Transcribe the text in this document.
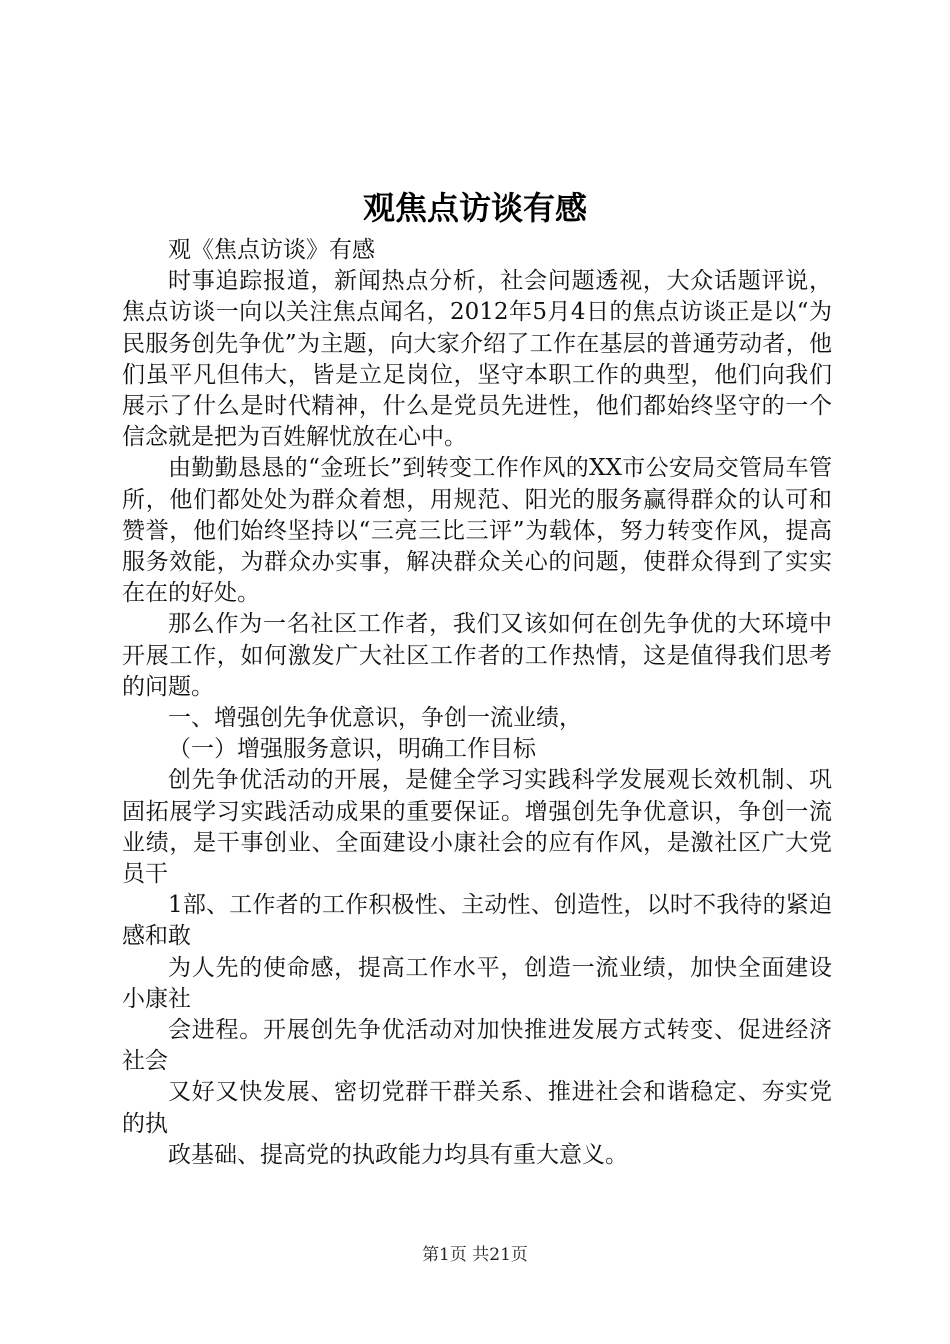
观焦点访谈有感

观《焦点访谈》有感

时事追踪报道，新闻热点分析，社会问题透视，大众话题评说，焦点访谈一向以关注焦点闻名，2012年5月4日的焦点访谈正是以“为民服务创先争优”为主题，向大家介绍了工作在基层的普通劳动者，他们虽平凡但伟大，皆是立足岗位，坚守本职工作的典型，他们向我们展示了什么是时代精神，什么是党员先进性，他们都始终坚守的一个信念就是把为百姓解忧放在心中。

由勤勤恳恳的“金班长”到转变工作作风的XX市公安局交管局车管所，他们都处处为群众着想，用规范、阳光的服务赢得群众的认可和赞誉，他们始终坚持以“三亮三比三评”为载体，努力转变作风，提高服务效能，为群众办实事，解决群众关心的问题，使群众得到了实实在在的好处。

那么作为一名社区工作者，我们又该如何在创先争优的大环境中开展工作，如何激发广大社区工作者的工作热情，这是值得我们思考的问题。

一、增强创先争优意识，争创一流业绩，

（一）增强服务意识，明确工作目标

创先争优活动的开展，是健全学习实践科学发展观长效机制、巩固拓展学习实践活动成果的重要保证。增强创先争优意识，争创一流业绩，是干事创业、全面建设小康社会的应有作风，是激社区广大党员干

1部、工作者的工作积极性、主动性、创造性，以时不我待的紧迫感和敢

为人先的使命感，提高工作水平，创造一流业绩，加快全面建设小康社

会进程。开展创先争优活动对加快推进发展方式转变、促进经济社会

又好又快发展、密切党群干群关系、推进社会和谐稳定、夯实党的执

政基础、提高党的执政能力均具有重大意义。

第1页 共21页
